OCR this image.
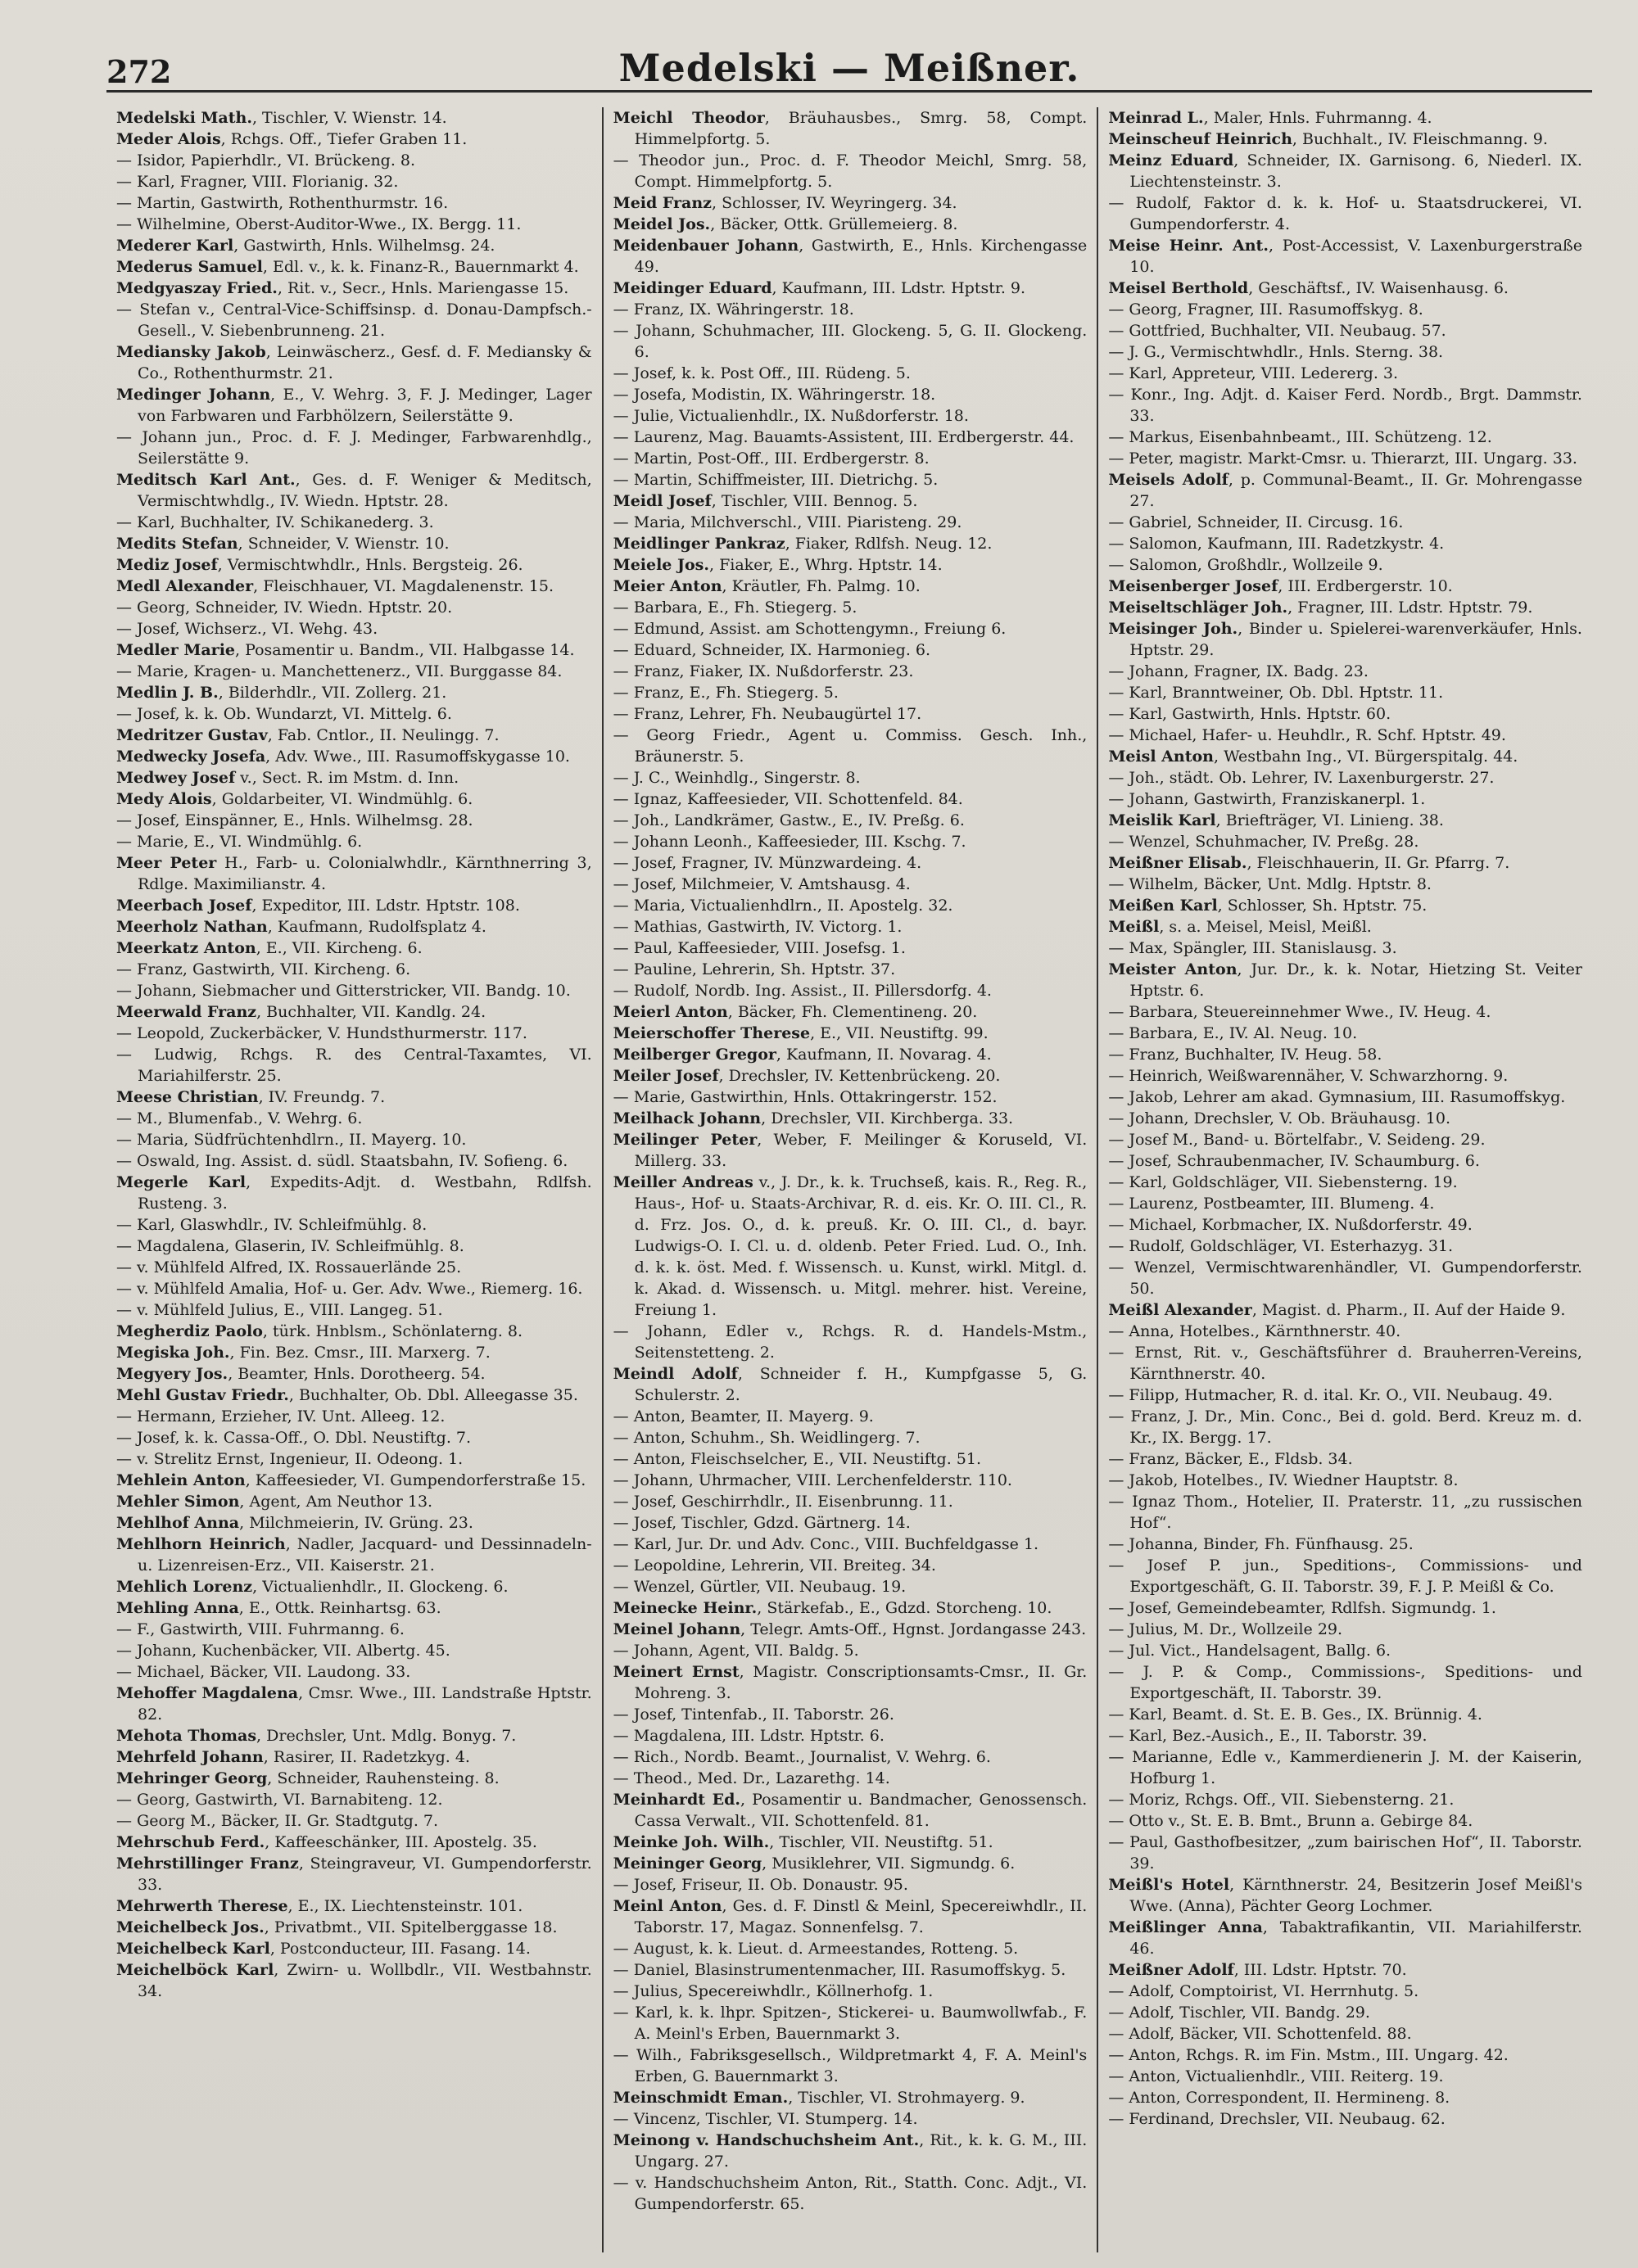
272	Medelski — Meißner.

Medelski Math., Tischler, V. Wienstr. 14.

Meder Alois, Rchgs. Off., Tiefer Graben 11.

— Isidor, Papierhdlr., VI. Brückeng. 8.

— Karl, Fragner, VIII. Florianig. 32.

— Martin, Gastwirth, Rothenthurmstr. 16.

— Wilhelmine, Oberst-Auditor-Wwe., IX. Bergg. 11.

Mederer Karl, Gastwirth, Hnls. Wilhelmsg. 24.

Mederus Samuel, Edl. v., k. k. Finanz-R., Bauernmarkt 4.

Medgyaszay Fried., Rit. v., Secr., Hnls. Mariengasse 15.

— Stefan v., Central-Vice-Schiffsinsp. d. Donau-Dampfsch.-Gesell., V. Siebenbrunneng. 21.

Mediansky Jakob, Leinwäscherz., Gesf. d. F. Mediansky & Co., Rothenthurmstr. 21.

Medinger Johann, E., V. Wehrg. 3, F. J. Medinger, Lager von Farbwaren und Farbhölzern, Seilerstätte 9.

— Johann jun., Proc. d. F. J. Medinger, Farbwarenhdlg., Seilerstätte 9.

Meditsch Karl Ant., Ges. d. F. Weniger & Meditsch, Vermischtwhdlg., IV. Wiedn. Hptstr. 28.

— Karl, Buchhalter, IV. Schikanederg. 3.

Medits Stefan, Schneider, V. Wienstr. 10.

Mediz Josef, Vermischtwhdlr., Hnls. Bergsteig. 26.

Medl Alexander, Fleischhauer, VI. Magdalenenstr. 15.

— Georg, Schneider, IV. Wiedn. Hptstr. 20.

— Josef, Wichserz., VI. Wehg. 43.

Medler Marie, Posamentir u. Bandm., VII. Halbgasse 14.

— Marie, Kragen- u. Manchettenerz., VII. Burggasse 84.

Medlin J. B., Bilderhdlr., VII. Zollerg. 21.

— Josef, k. k. Ob. Wundarzt, VI. Mittelg. 6.

Medritzer Gustav, Fab. Cntlor., II. Neulingg. 7.

Medwecky Josefa, Adv. Wwe., III. Rasumoffskygasse 10.

Medwey Josef v., Sect. R. im Mstm. d. Inn.

Medy Alois, Goldarbeiter, VI. Windmühlg. 6.

— Josef, Einspänner, E., Hnls. Wilhelmsg. 28.

— Marie, E., VI. Windmühlg. 6.

Meer Peter H., Farb- u. Colonialwhdlr., Kärnthnerring 3, Rdlge. Maximilianstr. 4.

Meerbach Josef, Expeditor, III. Ldstr. Hptstr. 108.

Meerholz Nathan, Kaufmann, Rudolfsplatz 4.

Meerkatz Anton, E., VII. Kircheng. 6.

— Franz, Gastwirth, VII. Kircheng. 6.

— Johann, Siebmacher und Gitterstricker, VII. Bandg. 10.

Meerwald Franz, Buchhalter, VII. Kandlg. 24.

— Leopold, Zuckerbäcker, V. Hundsthurmerstr. 117.

— Ludwig, Rchgs. R. des Central-Taxamtes, VI. Mariahilferstr. 25.

Meese Christian, IV. Freundg. 7.

— M., Blumenfab., V. Wehrg. 6.

— Maria, Südfrüchtenhdlrn., II. Mayerg. 10.

— Oswald, Ing. Assist. d. südl. Staatsbahn, IV. Sofieng. 6.

Megerle Karl, Expedits-Adjt. d. Westbahn, Rdlfsh. Rusteng. 3.

— Karl, Glaswhdlr., IV. Schleifmühlg. 8.

— Magdalena, Glaserin, IV. Schleifmühlg. 8.

— v. Mühlfeld Alfred, IX. Rossauerlände 25.

— v. Mühlfeld Amalia, Hof- u. Ger. Adv. Wwe., Riemerg. 16.

— v. Mühlfeld Julius, E., VIII. Langeg. 51.

Megherdiz Paolo, türk. Hnblsm., Schönlaterng. 8.

Megiska Joh., Fin. Bez. Cmsr., III. Marxerg. 7.

Megyery Jos., Beamter, Hnls. Dorotheerg. 54.

Mehl Gustav Friedr., Buchhalter, Ob. Dbl. Alleegasse 35.

— Hermann, Erzieher, IV. Unt. Alleeg. 12.

— Josef, k. k. Cassa-Off., O. Dbl. Neustiftg. 7.

— v. Strelitz Ernst, Ingenieur, II. Odeong. 1.

Mehlein Anton, Kaffeesieder, VI. Gumpendorferstraße 15.

Mehler Simon, Agent, Am Neuthor 13.

Mehlhof Anna, Milchmeierin, IV. Grüng. 23.

Mehlhorn Heinrich, Nadler, Jacquard- und Dessinnadeln- u. Lizenreisen-Erz., VII. Kaiserstr. 21.

Mehlich Lorenz, Victualienhdlr., II. Glockeng. 6.

Mehling Anna, E., Ottk. Reinhartsg. 63.

— F., Gastwirth, VIII. Fuhrmanng. 6.

— Johann, Kuchenbäcker, VII. Albertg. 45.

— Michael, Bäcker, VII. Laudong. 33.

Mehoffer Magdalena, Cmsr. Wwe., III. Landstraße Hptstr. 82.

Mehota Thomas, Drechsler, Unt. Mdlg. Bonyg. 7.

Mehrfeld Johann, Rasirer, II. Radetzkyg. 4.

Mehringer Georg, Schneider, Rauhensteing. 8.

— Georg, Gastwirth, VI. Barnabiteng. 12.

— Georg M., Bäcker, II. Gr. Stadtgutg. 7.

Mehrschub Ferd., Kaffeeschänker, III. Apostelg. 35.

Mehrstillinger Franz, Steingraveur, VI. Gumpendorferstr. 33.

Mehrwerth Therese, E., IX. Liechtensteinstr. 101.

Meichelbeck Jos., Privatbmt., VII. Spitelberggasse 18.

Meichelbeck Karl, Postconducteur, III. Fasang. 14.

Meichelböck Karl, Zwirn- u. Wollbdlr., VII. Westbahnstr. 34.

Meichl Theodor, Bräuhausbes., Smrg. 58, Compt. Himmelpfortg. 5.

— Theodor jun., Proc. d. F. Theodor Meichl, Smrg. 58, Compt. Himmelpfortg. 5.

Meid Franz, Schlosser, IV. Weyringerg. 34.

Meidel Jos., Bäcker, Ottk. Grüllemeierg. 8.

Meidenbauer Johann, Gastwirth, E., Hnls. Kirchengasse 49.

Meidinger Eduard, Kaufmann, III. Ldstr. Hptstr. 9.

— Franz, IX. Währingerstr. 18.

— Johann, Schuhmacher, III. Glockeng. 5, G. II. Glockeng. 6.

— Josef, k. k. Post Off., III. Rüdeng. 5.

— Josefa, Modistin, IX. Währingerstr. 18.

— Julie, Victualienhdlr., IX. Nußdorferstr. 18.

— Laurenz, Mag. Bauamts-Assistent, III. Erdbergerstr. 44.

— Martin, Post-Off., III. Erdbergerstr. 8.

— Martin, Schiffmeister, III. Dietrichg. 5.

Meidl Josef, Tischler, VIII. Bennog. 5.

— Maria, Milchverschl., VIII. Piaristeng. 29.

Meidlinger Pankraz, Fiaker, Rdlfsh. Neug. 12.

Meiele Jos., Fiaker, E., Whrg. Hptstr. 14.

Meier Anton, Kräutler, Fh. Palmg. 10.

— Barbara, E., Fh. Stiegerg. 5.

— Edmund, Assist. am Schottengymn., Freiung 6.

— Eduard, Schneider, IX. Harmonieg. 6.

— Franz, Fiaker, IX. Nußdorferstr. 23.

— Franz, E., Fh. Stiegerg. 5.

— Franz, Lehrer, Fh. Neubaugürtel 17.

— Georg Friedr., Agent u. Commiss. Gesch. Inh., Bräunerstr. 5.

— J. C., Weinhdlg., Singerstr. 8.

— Ignaz, Kaffeesieder, VII. Schottenfeld. 84.

— Joh., Landkrämer, Gastw., E., IV. Preßg. 6.

— Johann Leonh., Kaffeesieder, III. Kschg. 7.

— Josef, Fragner, IV. Münzwardeing. 4.

— Josef, Milchmeier, V. Amtshausg. 4.

— Maria, Victualienhdlrn., II. Apostelg. 32.

— Mathias, Gastwirth, IV. Victorg. 1.

— Paul, Kaffeesieder, VIII. Josefsg. 1.

— Pauline, Lehrerin, Sh. Hptstr. 37.

— Rudolf, Nordb. Ing. Assist., II. Pillersdorfg. 4.

Meierl Anton, Bäcker, Fh. Clementineng. 20.

Meierschoffer Therese, E., VII. Neustiftg. 99.

Meilberger Gregor, Kaufmann, II. Novarag. 4.

Meiler Josef, Drechsler, IV. Kettenbrückeng. 20.

— Marie, Gastwirthin, Hnls. Ottakringerstr. 152.

Meilhack Johann, Drechsler, VII. Kirchberga. 33.

Meilinger Peter, Weber, F. Meilinger & Koruseld, VI. Millerg. 33.

Meiller Andreas v., J. Dr., k. k. Truchseß, kais. R., Reg. R., Haus-, Hof- u. Staats-Archivar, R. d. eis. Kr. O. III. Cl., R. d. Frz. Jos. O., d. k. preuß. Kr. O. III. Cl., d. bayr. Ludwigs-O. I. Cl. u. d. oldenb. Peter Fried. Lud. O., Inh. d. k. k. öst. Med. f. Wissensch. u. Kunst, wirkl. Mitgl. d. k. Akad. d. Wissensch. u. Mitgl. mehrer. hist. Vereine, Freiung 1.

— Johann, Edler v., Rchgs. R. d. Handels-Mstm., Seitenstetteng. 2.

Meindl Adolf, Schneider f. H., Kumpfgasse 5, G. Schulerstr. 2.

— Anton, Beamter, II. Mayerg. 9.

— Anton, Schuhm., Sh. Weidlingerg. 7.

— Anton, Fleischselcher, E., VII. Neustiftg. 51.

— Johann, Uhrmacher, VIII. Lerchenfelderstr. 110.

— Josef, Geschirrhdlr., II. Eisenbrunng. 11.

— Josef, Tischler, Gdzd. Gärtnerg. 14.

— Karl, Jur. Dr. und Adv. Conc., VIII. Buchfeldgasse 1.

— Leopoldine, Lehrerin, VII. Breiteg. 34.

— Wenzel, Gürtler, VII. Neubaug. 19.

Meinecke Heinr., Stärkefab., E., Gdzd. Storcheng. 10.

Meinel Johann, Telegr. Amts-Off., Hgnst. Jordangasse 243.

— Johann, Agent, VII. Baldg. 5.

Meinert Ernst, Magistr. Conscriptionsamts-Cmsr., II. Gr. Mohreng. 3.

— Josef, Tintenfab., II. Taborstr. 26.

— Magdalena, III. Ldstr. Hptstr. 6.

— Rich., Nordb. Beamt., Journalist, V. Wehrg. 6.

— Theod., Med. Dr., Lazarethg. 14.

Meinhardt Ed., Posamentir u. Bandmacher, Genossensch. Cassa Verwalt., VII. Schottenfeld. 81.

Meinke Joh. Wilh., Tischler, VII. Neustiftg. 51.

Meininger Georg, Musiklehrer, VII. Sigmundg. 6.

— Josef, Friseur, II. Ob. Donaustr. 95.

Meinl Anton, Ges. d. F. Dinstl & Meinl, Specereiwhdlr., II. Taborstr. 17, Magaz. Sonnenfelsg. 7.

— August, k. k. Lieut. d. Armeestandes, Rotteng. 5.

— Daniel, Blasinstrumentenmacher, III. Rasumoffskyg. 5.

— Julius, Specereiwhdlr., Köllnerhofg. 1.

— Karl, k. k. lhpr. Spitzen-, Stickerei- u. Baumwollwfab., F. A. Meinl's Erben, Bauernmarkt 3.

— Wilh., Fabriksgesellsch., Wildpretmarkt 4, F. A. Meinl's Erben, G. Bauernmarkt 3.

Meinschmidt Eman., Tischler, VI. Strohmayerg. 9.

— Vincenz, Tischler, VI. Stumperg. 14.

Meinong v. Handschuchsheim Ant., Rit., k. k. G. M., III. Ungarg. 27.

— v. Handschuchsheim Anton, Rit., Statth. Conc. Adjt., VI. Gumpendorferstr. 65.

Meinrad L., Maler, Hnls. Fuhrmanng. 4.

Meinscheuf Heinrich, Buchhalt., IV. Fleischmanng. 9.

Meinz Eduard, Schneider, IX. Garnisong. 6, Niederl. IX. Liechtensteinstr. 3.

— Rudolf, Faktor d. k. k. Hof- u. Staatsdruckerei, VI. Gumpendorferstr. 4.

Meise Heinr. Ant., Post-Accessist, V. Laxenburgerstraße 10.

Meisel Berthold, Geschäftsf., IV. Waisenhausg. 6.

— Georg, Fragner, III. Rasumoffskyg. 8.

— Gottfried, Buchhalter, VII. Neubaug. 57.

— J. G., Vermischtwhdlr., Hnls. Sterng. 38.

— Karl, Appreteur, VIII. Ledererg. 3.

— Konr., Ing. Adjt. d. Kaiser Ferd. Nordb., Brgt. Dammstr. 33.

— Markus, Eisenbahnbeamt., III. Schützeng. 12.

— Peter, magistr. Markt-Cmsr. u. Thierarzt, III. Ungarg. 33.

Meisels Adolf, p. Communal-Beamt., II. Gr. Mohrengasse 27.

— Gabriel, Schneider, II. Circusg. 16.

— Salomon, Kaufmann, III. Radetzkystr. 4.

— Salomon, Großhdlr., Wollzeile 9.

Meisenberger Josef, III. Erdbergerstr. 10.

Meiseltschläger Joh., Fragner, III. Ldstr. Hptstr. 79.

Meisinger Joh., Binder u. Spielerei-warenverkäufer, Hnls. Hptstr. 29.

— Johann, Fragner, IX. Badg. 23.

— Karl, Branntweiner, Ob. Dbl. Hptstr. 11.

— Karl, Gastwirth, Hnls. Hptstr. 60.

— Michael, Hafer- u. Heuhdlr., R. Schf. Hptstr. 49.

Meisl Anton, Westbahn Ing., VI. Bürgerspitalg. 44.

— Joh., städt. Ob. Lehrer, IV. Laxenburgerstr. 27.

— Johann, Gastwirth, Franziskanerpl. 1.

Meislik Karl, Briefträger, VI. Linieng. 38.

— Wenzel, Schuhmacher, IV. Preßg. 28.

Meißner Elisab., Fleischhauerin, II. Gr. Pfarrg. 7.

— Wilhelm, Bäcker, Unt. Mdlg. Hptstr. 8.

Meißen Karl, Schlosser, Sh. Hptstr. 75.

Meißl, s. a. Meisel, Meisl, Meißl.

— Max, Spängler, III. Stanislausg. 3.

Meister Anton, Jur. Dr., k. k. Notar, Hietzing St. Veiter Hptstr. 6.

— Barbara, Steuereinnehmer Wwe., IV. Heug. 4.

— Barbara, E., IV. Al. Neug. 10.

— Franz, Buchhalter, IV. Heug. 58.

— Heinrich, Weißwarennäher, V. Schwarzhorng. 9.

— Jakob, Lehrer am akad. Gymnasium, III. Rasumoffskyg.

— Johann, Drechsler, V. Ob. Bräuhausg. 10.

— Josef M., Band- u. Börtelfabr., V. Seideng. 29.

— Josef, Schraubenmacher, IV. Schaumburg. 6.

— Karl, Goldschläger, VII. Siebensterng. 19.

— Laurenz, Postbeamter, III. Blumeng. 4.

— Michael, Korbmacher, IX. Nußdorferstr. 49.

— Rudolf, Goldschläger, VI. Esterhazyg. 31.

— Wenzel, Vermischtwarenhändler, VI. Gumpendorferstr. 50.

Meißl Alexander, Magist. d. Pharm., II. Auf der Haide 9.

— Anna, Hotelbes., Kärnthnerstr. 40.

— Ernst, Rit. v., Geschäftsführer d. Brauherren-Vereins, Kärnthnerstr. 40.

— Filipp, Hutmacher, R. d. ital. Kr. O., VII. Neubaug. 49.

— Franz, J. Dr., Min. Conc., Bei d. gold. Berd. Kreuz m. d. Kr., IX. Bergg. 17.

— Franz, Bäcker, E., Fldsb. 34.

— Jakob, Hotelbes., IV. Wiedner Hauptstr. 8.

— Ignaz Thom., Hotelier, II. Praterstr. 11, „zu russischen Hof“.

— Johanna, Binder, Fh. Fünfhausg. 25.

— Josef P. jun., Speditions-, Commissions- und Exportgeschäft, G. II. Taborstr. 39, F. J. P. Meißl & Co.

— Josef, Gemeindebeamter, Rdlfsh. Sigmundg. 1.

— Julius, M. Dr., Wollzeile 29.

— Jul. Vict., Handelsagent, Ballg. 6.

— J. P. & Comp., Commissions-, Speditions- und Exportgeschäft, II. Taborstr. 39.

— Karl, Beamt. d. St. E. B. Ges., IX. Brünnig. 4.

— Karl, Bez.-Ausich., E., II. Taborstr. 39.

— Marianne, Edle v., Kammerdienerin J. M. der Kaiserin, Hofburg 1.

— Moriz, Rchgs. Off., VII. Siebensterng. 21.

— Otto v., St. E. B. Bmt., Brunn a. Gebirge 84.

— Paul, Gasthofbesitzer, „zum bairischen Hof“, II. Taborstr. 39.

Meißl's Hotel, Kärnthnerstr. 24, Besitzerin Josef Meißl's Wwe. (Anna), Pächter Georg Lochmer.

Meißlinger Anna, Tabaktrafikantin, VII. Mariahilferstr. 46.

Meißner Adolf, III. Ldstr. Hptstr. 70.

— Adolf, Comptoirist, VI. Herrnhutg. 5.

— Adolf, Tischler, VII. Bandg. 29.

— Adolf, Bäcker, VII. Schottenfeld. 88.

— Anton, Rchgs. R. im Fin. Mstm., III. Ungarg. 42.

— Anton, Victualienhdlr., VIII. Reiterg. 19.

— Anton, Correspondent, II. Hermineng. 8.

— Ferdinand, Drechsler, VII. Neubaug. 62.
